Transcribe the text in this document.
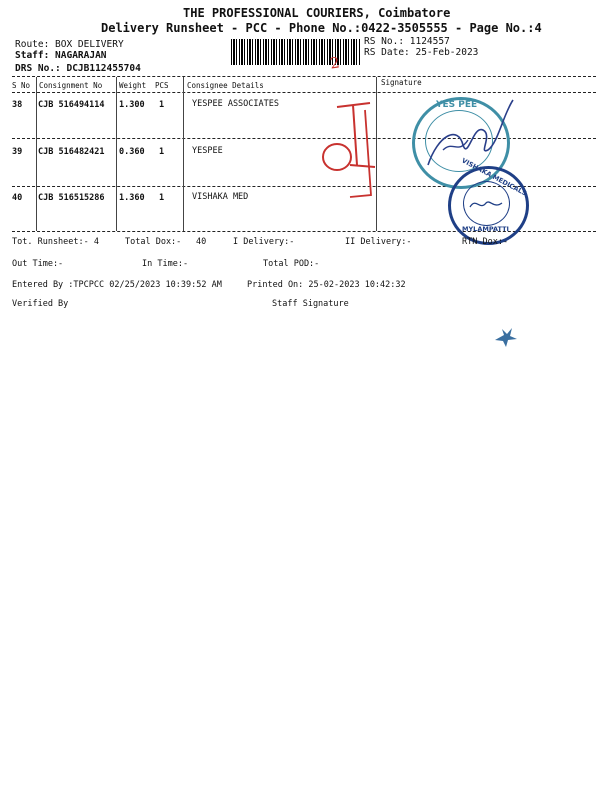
THE PROFESSIONAL COURIERS, Coimbatore
Delivery Runsheet - PCC - Phone No.:0422-3505555 - Page No.:4
Route: BOX DELIVERY
Staff: NAGARAJAN
DRS No.: DCJB112455704
RS No.: 1124557
RS Date: 25-Feb-2023
S No Consignment No Weight PCS Consignee Details	Signature
38 CJB 516494114 1.300 1	YESPEE ASSOCIATES
39 CJB 516482421 0.360 1	YESPEE
40 CJB 516515286 1.360 1	VISHAKA MED
2
YES PEE
VISHAKA MEDICALS
MYLAMPATTI
Tot. Runsheet:- 4	Total Dox:- 40	I Delivery:-	II Delivery:-	RTN Dox:-
Out Time:-	In Time:-	Total POD:-
Entered By :TPCPCC 02/25/2023 10:39:52 AM	Printed On: 25-02-2023 10:42:32
Verified By	Staff Signature
